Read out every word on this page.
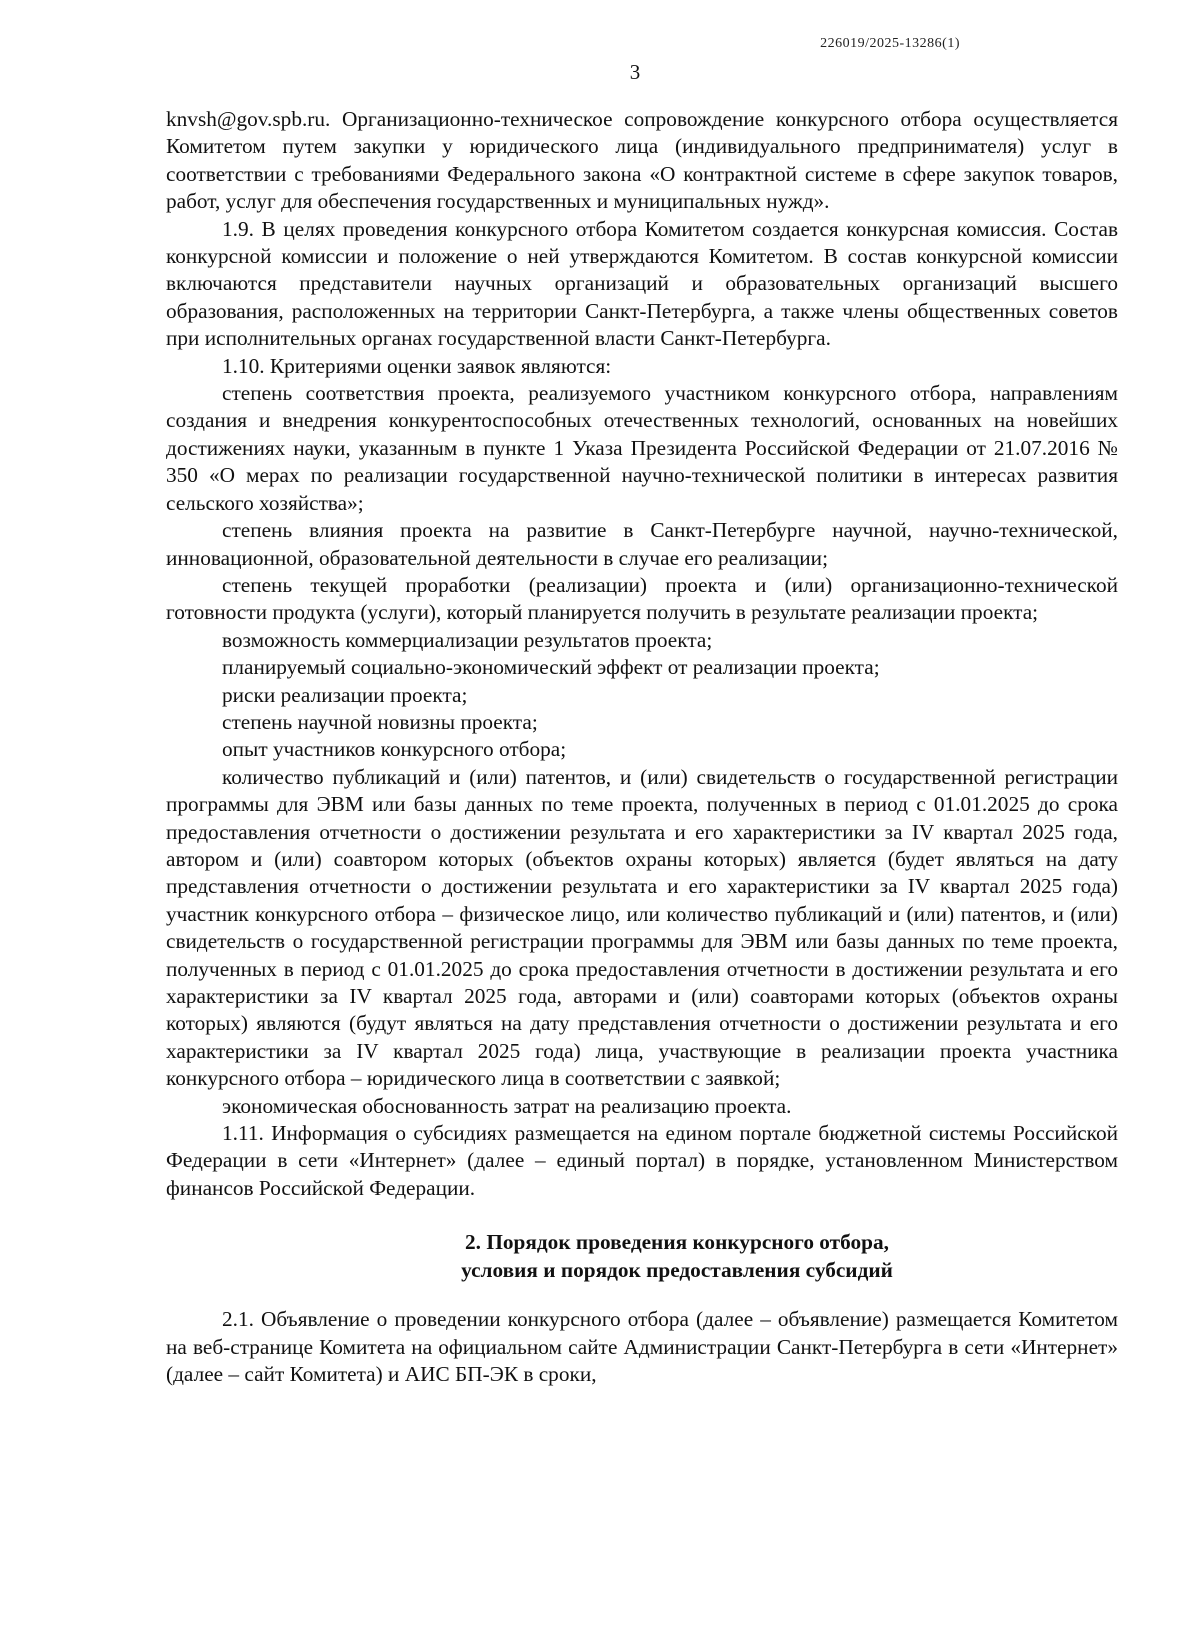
226019/2025-13286(1)
3

knvsh@gov.spb.ru. Организационно-техническое сопровождение конкурсного отбора осуществляется Комитетом путем закупки у юридического лица (индивидуального предпринимателя) услуг в соответствии с требованиями Федерального закона «О контрактной системе в сфере закупок товаров, работ, услуг для обеспечения государственных и муниципальных нужд».

1.9. В целях проведения конкурсного отбора Комитетом создается конкурсная комиссия. Состав конкурсной комиссии и положение о ней утверждаются Комитетом. В состав конкурсной комиссии включаются представители научных организаций и образовательных организаций высшего образования, расположенных на территории Санкт-Петербурга, а также члены общественных советов при исполнительных органах государственной власти Санкт-Петербурга.

1.10. Критериями оценки заявок являются:

степень соответствия проекта, реализуемого участником конкурсного отбора, направлениям создания и внедрения конкурентоспособных отечественных технологий, основанных на новейших достижениях науки, указанным в пункте 1 Указа Президента Российской Федерации от 21.07.2016 № 350 «О мерах по реализации государственной научно-технической политики в интересах развития сельского хозяйства»;

степень влияния проекта на развитие в Санкт-Петербурге научной, научно-технической, инновационной, образовательной деятельности в случае его реализации;

степень текущей проработки (реализации) проекта и (или) организационно-технической готовности продукта (услуги), который планируется получить в результате реализации проекта;

возможность коммерциализации результатов проекта;

планируемый социально-экономический эффект от реализации проекта;

риски реализации проекта;

степень научной новизны проекта;

опыт участников конкурсного отбора;

количество публикаций и (или) патентов, и (или) свидетельств о государственной регистрации программы для ЭВМ или базы данных по теме проекта, полученных в период с 01.01.2025 до срока предоставления отчетности о достижении результата и его характеристики за IV квартал 2025 года, автором и (или) соавтором которых (объектов охраны которых) является (будет являться на дату представления отчетности о достижении результата и его характеристики за IV квартал 2025 года) участник конкурсного отбора – физическое лицо, или количество публикаций и (или) патентов, и (или) свидетельств о государственной регистрации программы для ЭВМ или базы данных по теме проекта, полученных в период с 01.01.2025 до срока предоставления отчетности в достижении результата и его характеристики за IV квартал 2025 года, авторами и (или) соавторами которых (объектов охраны которых) являются (будут являться на дату представления отчетности о достижении результата и его характеристики за IV квартал 2025 года) лица, участвующие в реализации проекта участника конкурсного отбора – юридического лица в соответствии с заявкой;

экономическая обоснованность затрат на реализацию проекта.

1.11. Информация о субсидиях размещается на едином портале бюджетной системы Российской Федерации в сети «Интернет» (далее – единый портал) в порядке, установленном Министерством финансов Российской Федерации.

2. Порядок проведения конкурсного отбора,
условия и порядок предоставления субсидий

2.1. Объявление о проведении конкурсного отбора (далее – объявление) размещается Комитетом на веб-странице Комитета на официальном сайте Администрации Санкт-Петербурга в сети «Интернет» (далее – сайт Комитета) и АИС БП-ЭК в сроки,
